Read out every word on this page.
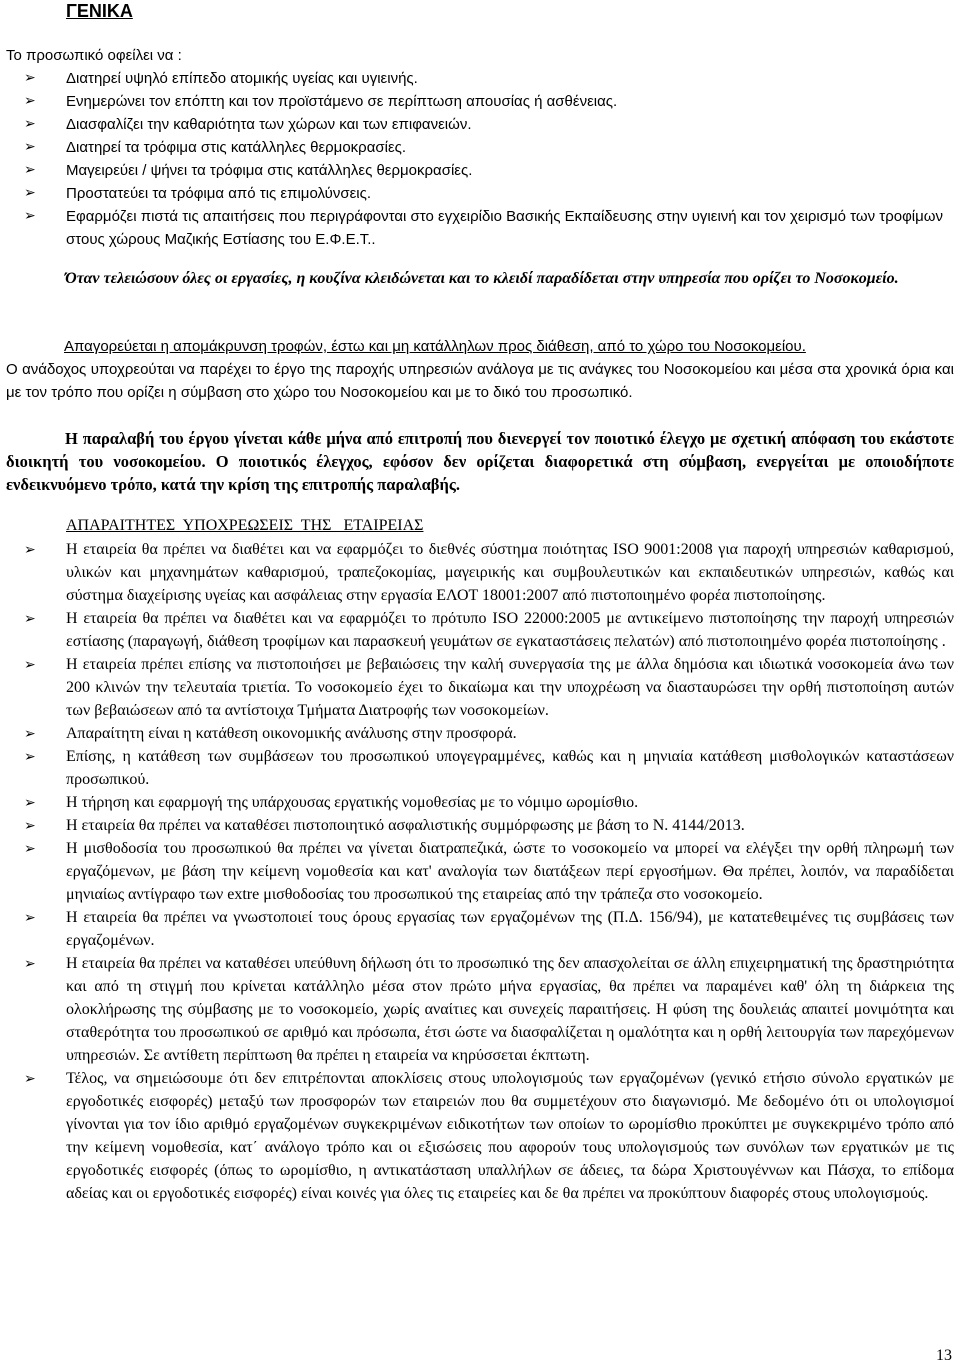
ΓΕΝΙΚΑ
Το προσωπικό οφείλει να :
➢ Διατηρεί υψηλό επίπεδο ατομικής υγείας και υγιεινής.
➢ Ενημερώνει τον επόπτη και τον προϊστάμενο σε περίπτωση απουσίας ή ασθένειας.
➢ Διασφαλίζει την καθαριότητα των χώρων και των επιφανειών.
➢ Διατηρεί τα τρόφιμα στις κατάλληλες θερμοκρασίες.
➢ Μαγειρεύει / ψήνει τα τρόφιμα στις κατάλληλες θερμοκρασίες.
➢ Προστατεύει τα τρόφιμα από τις επιμολύνσεις.
➢ Εφαρμόζει πιστά τις απαιτήσεις που περιγράφονται στο εγχειρίδιο Βασικής Εκπαίδευσης στην υγιεινή και τον χειρισμό των τροφίμων στους χώρους Μαζικής Εστίασης του Ε.Φ.Ε.Τ..
Όταν τελειώσουν όλες οι εργασίες, η κουζίνα κλειδώνεται και το κλειδί παραδίδεται στην υπηρεσία που ορίζει το Νοσοκομείο.
Απαγορεύεται η απομάκρυνση τροφών, έστω και μη κατάλληλων προς διάθεση, από το χώρο του Νοσοκομείου.
Ο ανάδοχος υποχρεούται να παρέχει το έργο της παροχής υπηρεσιών ανάλογα με τις ανάγκες του Νοσοκομείου και μέσα στα χρονικά όρια και με τον τρόπο που ορίζει η σύμβαση στο χώρο του Νοσοκομείου και με το δικό του προσωπικό.
Η παραλαβή του έργου γίνεται κάθε μήνα από επιτροπή που διενεργεί τον ποιοτικό έλεγχο με σχετική απόφαση του εκάστοτε διοικητή του νοσοκομείου. Ο ποιοτικός έλεγχος, εφόσον δεν ορίζεται διαφορετικά στη σύμβαση, ενεργείται με οποιοδήποτε ενδεικνυόμενο τρόπο, κατά την κρίση της επιτροπής παραλαβής.
ΑΠΑΡΑΙΤΗΤΕΣ  ΥΠΟΧΡΕΩΣΕΙΣ  ΤΗΣ   ΕΤΑΙΡΕΙΑΣ
➢ Η εταιρεία θα πρέπει να διαθέτει και να εφαρμόζει το διεθνές σύστημα ποιότητας ISO 9001:2008 για παροχή υπηρεσιών καθαρισμού, υλικών και μηχανημάτων καθαρισμού, τραπεζοκομίας, μαγειρικής και συμβουλευτικών και εκπαιδευτικών υπηρεσιών, καθώς και σύστημα διαχείρισης υγείας και ασφάλειας στην εργασία ΕΛΟΤ 18001:2007 από πιστοποιημένο φορέα πιστοποίησης.
➢ Η εταιρεία θα πρέπει να διαθέτει και να εφαρμόζει το πρότυπο ISO 22000:2005 με αντικείμενο πιστοποίησης την παροχή υπηρεσιών εστίασης (παραγωγή, διάθεση τροφίμων και παρασκευή γευμάτων σε εγκαταστάσεις πελατών) από πιστοποιημένο φορέα πιστοποίησης .
➢ Η εταιρεία πρέπει επίσης να πιστοποιήσει με βεβαιώσεις την καλή συνεργασία της με άλλα δημόσια και ιδιωτικά νοσοκομεία άνω των 200 κλινών την τελευταία τριετία. Το νοσοκομείο έχει το δικαίωμα και την υποχρέωση να διασταυρώσει την ορθή πιστοποίηση αυτών των βεβαιώσεων από τα αντίστοιχα Τμήματα Διατροφής των νοσοκομείων.
➢ Απαραίτητη είναι η κατάθεση οικονομικής ανάλυσης στην προσφορά.
➢ Επίσης, η κατάθεση των συμβάσεων του προσωπικού υπογεγραμμένες, καθώς και η μηνιαία κατάθεση μισθολογικών καταστάσεων προσωπικού.
➢ Η τήρηση και εφαρμογή της υπάρχουσας εργατικής νομοθεσίας με το νόμιμο ωρομίσθιο.
➢ Η εταιρεία θα πρέπει να καταθέσει πιστοποιητικό ασφαλιστικής συμμόρφωσης με βάση το Ν. 4144/2013.
➢ Η μισθοδοσία του προσωπικού θα πρέπει να γίνεται διατραπεζικά, ώστε το νοσοκομείο να μπορεί να ελέγξει την ορθή πληρωμή των εργαζόμενων, με βάση την κείμενη νομοθεσία και κατ' αναλογία των διατάξεων περί εργοσήμων. Θα πρέπει, λοιπόν, να παραδίδεται μηνιαίως αντίγραφο των extre μισθοδοσίας του προσωπικού της εταιρείας από την τράπεζα στο νοσοκομείο.
➢ Η εταιρεία θα πρέπει να γνωστοποιεί τους όρους εργασίας των εργαζομένων της (Π.Δ. 156/94), με κατατεθειμένες τις συμβάσεις των εργαζομένων.
➢ Η εταιρεία θα πρέπει να καταθέσει υπεύθυνη δήλωση ότι το προσωπικό της δεν απασχολείται σε άλλη επιχειρηματική της δραστηριότητα και από τη στιγμή που κρίνεται κατάλληλο μέσα στον πρώτο μήνα εργασίας, θα πρέπει να παραμένει καθ' όλη τη διάρκεια της ολοκλήρωσης της σύμβασης με το νοσοκομείο, χωρίς αναίτιες και συνεχείς παραιτήσεις. Η φύση της δουλειάς απαιτεί μονιμότητα και σταθερότητα του προσωπικού σε αριθμό και πρόσωπα, έτσι ώστε να διασφαλίζεται η ομαλότητα και η ορθή λειτουργία των παρεχόμενων υπηρεσιών. Σε αντίθετη περίπτωση θα πρέπει η εταιρεία να κηρύσσεται έκπτωτη.
➢ Τέλος, να σημειώσουμε ότι δεν επιτρέπονται αποκλίσεις στους υπολογισμούς των εργαζομένων (γενικό ετήσιο σύνολο εργατικών με εργοδοτικές εισφορές) μεταξύ των προσφορών των εταιρειών που θα συμμετέχουν στο διαγωνισμό. Με δεδομένο ότι οι υπολογισμοί γίνονται για τον ίδιο αριθμό εργαζομένων συγκεκριμένων ειδικοτήτων των οποίων το ωρομίσθιο προκύπτει με συγκεκριμένο τρόπο από την κείμενη νομοθεσία, κατ΄ ανάλογο τρόπο και οι εξισώσεις που αφορούν τους υπολογισμούς των συνόλων των εργατικών με τις εργοδοτικές εισφορές (όπως το ωρομίσθιο, η αντικατάσταση υπαλλήλων σε άδειες, τα δώρα Χριστουγέννων και Πάσχα, το επίδομα αδείας και οι εργοδοτικές εισφορές) είναι κοινές για όλες τις εταιρείες και δε θα πρέπει να προκύπτουν διαφορές στους υπολογισμούς.
13
